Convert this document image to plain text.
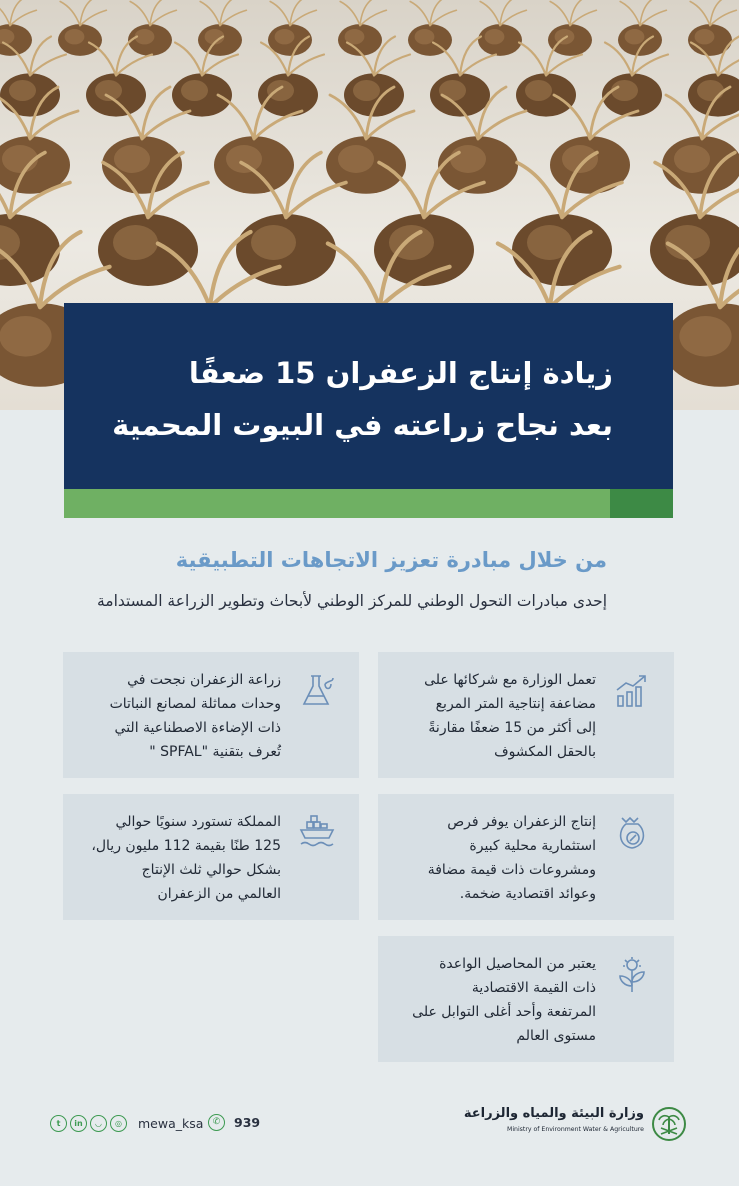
زيادة إنتاج الزعفران 15 ضعفًا
بعد نجاح زراعته في البيوت المحمية
من خلال مبادرة تعزيز الاتجاهات التطبيقية
إحدى مبادرات التحول الوطني للمركز الوطني لأبحاث وتطوير الزراعة المستدامة
تعمل الوزارة مع شركائها على
مضاعفة إنتاجية المتر المربع
إلى أكثر من 15 ضعفًا مقارنةً
بالحقل المكشوف
زراعة الزعفران نجحت في
وحدات مماثلة لمصانع النباتات
ذات الإضاءة الاصطناعية التي
تُعرف بتقنية "SPFAL "
إنتاج الزعفران يوفر فرص
استثمارية محلية كبيرة
ومشروعات ذات قيمة مضافة
وعوائد اقتصادية ضخمة.
المملكة تستورد سنويًا حوالي
125 طنًا بقيمة 112 مليون ريال،
بشكل حوالي ثلث الإنتاج
العالمي من الزعفران
يعتبر من المحاصيل الواعدة
ذات القيمة الاقتصادية
المرتفعة وأحد أغلى التوابل على
مستوى العالم
t	in	◡	◎	mewa_ksa	✆	939
وزارة البيئة والمياه والزراعة
Ministry of Environment Water & Agriculture
